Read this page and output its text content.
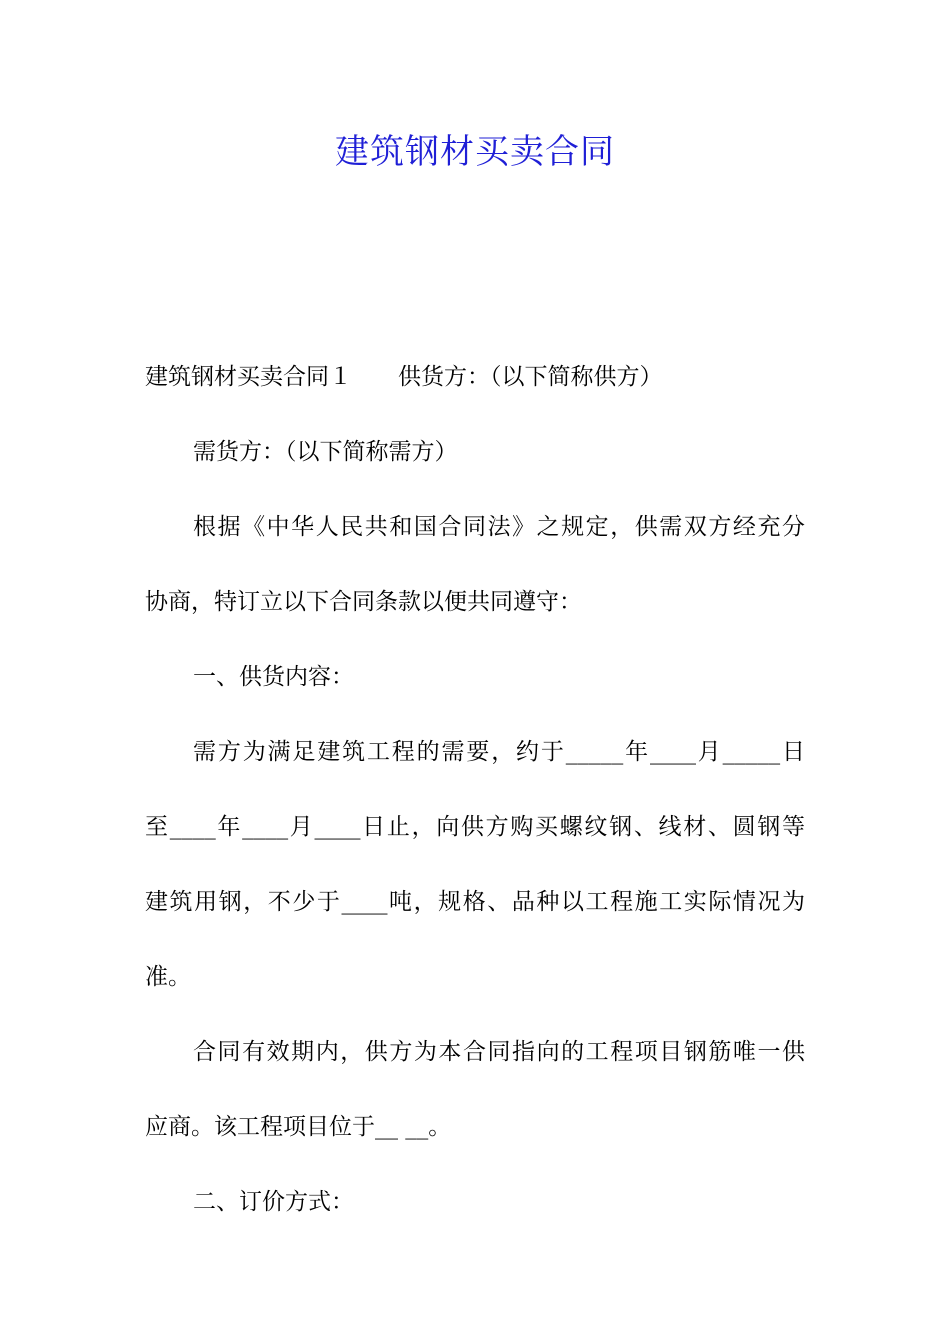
建筑钢材买卖合同
建筑钢材买卖合同１ 供货方：（以下简称供方）
需货方：（以下简称需方）
根据《中华人民共和国合同法》之规定，供需双方经充分
协商，特订立以下合同条款以便共同遵守：
一、供货内容：
需方为满足建筑工程的需要，约于_____年____月_____日
至____年____月____日止，向供方购买螺纹钢、线材、圆钢等
建筑用钢，不少于____吨，规格、品种以工程施工实际情况为
准。
合同有效期内，供方为本合同指向的工程项目钢筋唯一供
应商。该工程项目位于__ __。
二、订价方式：
